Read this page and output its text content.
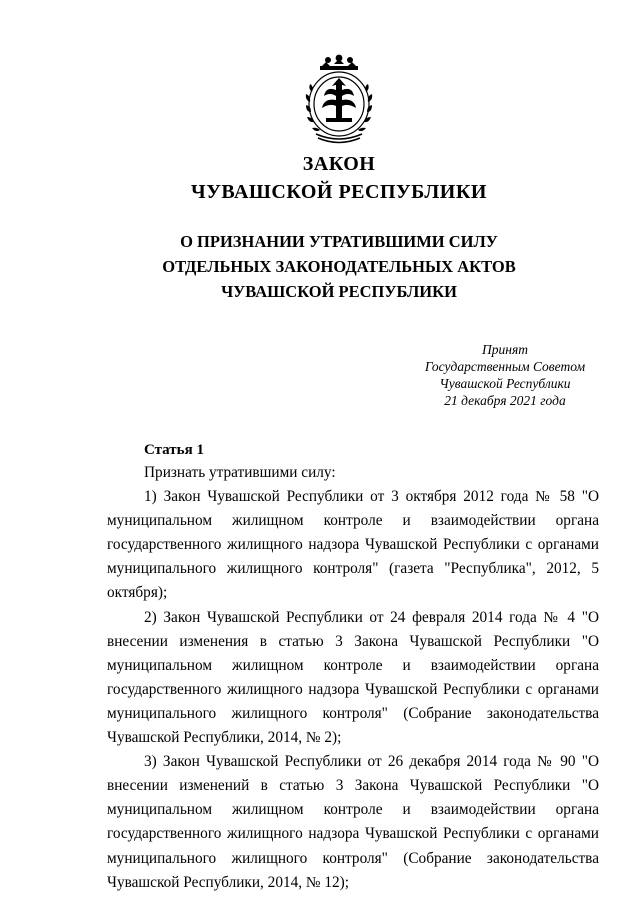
ЗАКОН
ЧУВАШСКОЙ РЕСПУБЛИКИ
О ПРИЗНАНИИ УТРАТИВШИМИ СИЛУ
ОТДЕЛЬНЫХ ЗАКОНОДАТЕЛЬНЫХ АКТОВ
ЧУВАШСКОЙ РЕСПУБЛИКИ
Принят
Государственным Советом
Чувашской Республики
21 декабря 2021 года

Статья 1

Признать утратившими силу:

1) Закон Чувашской Республики от 3 октября 2012 года № 58 "О муниципальном жилищном контроле и взаимодействии органа государственного жилищного надзора Чувашской Республики с органами муниципального жилищного контроля" (газета "Республика", 2012, 5 октября);

2) Закон Чувашской Республики от 24 февраля 2014 года № 4 "О внесении изменения в статью 3 Закона Чувашской Республики "О муниципальном жилищном контроле и взаимодействии органа государственного жилищного надзора Чувашской Республики с органами муниципального жилищного контроля" (Собрание законодательства Чувашской Республики, 2014, № 2);

3) Закон Чувашской Республики от 26 декабря 2014 года № 90 "О внесении изменений в статью 3 Закона Чувашской Республики "О муниципальном жилищном контроле и взаимодействии органа государственного жилищного надзора Чувашской Республики с органами муниципального жилищного контроля" (Собрание законодательства Чувашской Республики, 2014, № 12);
